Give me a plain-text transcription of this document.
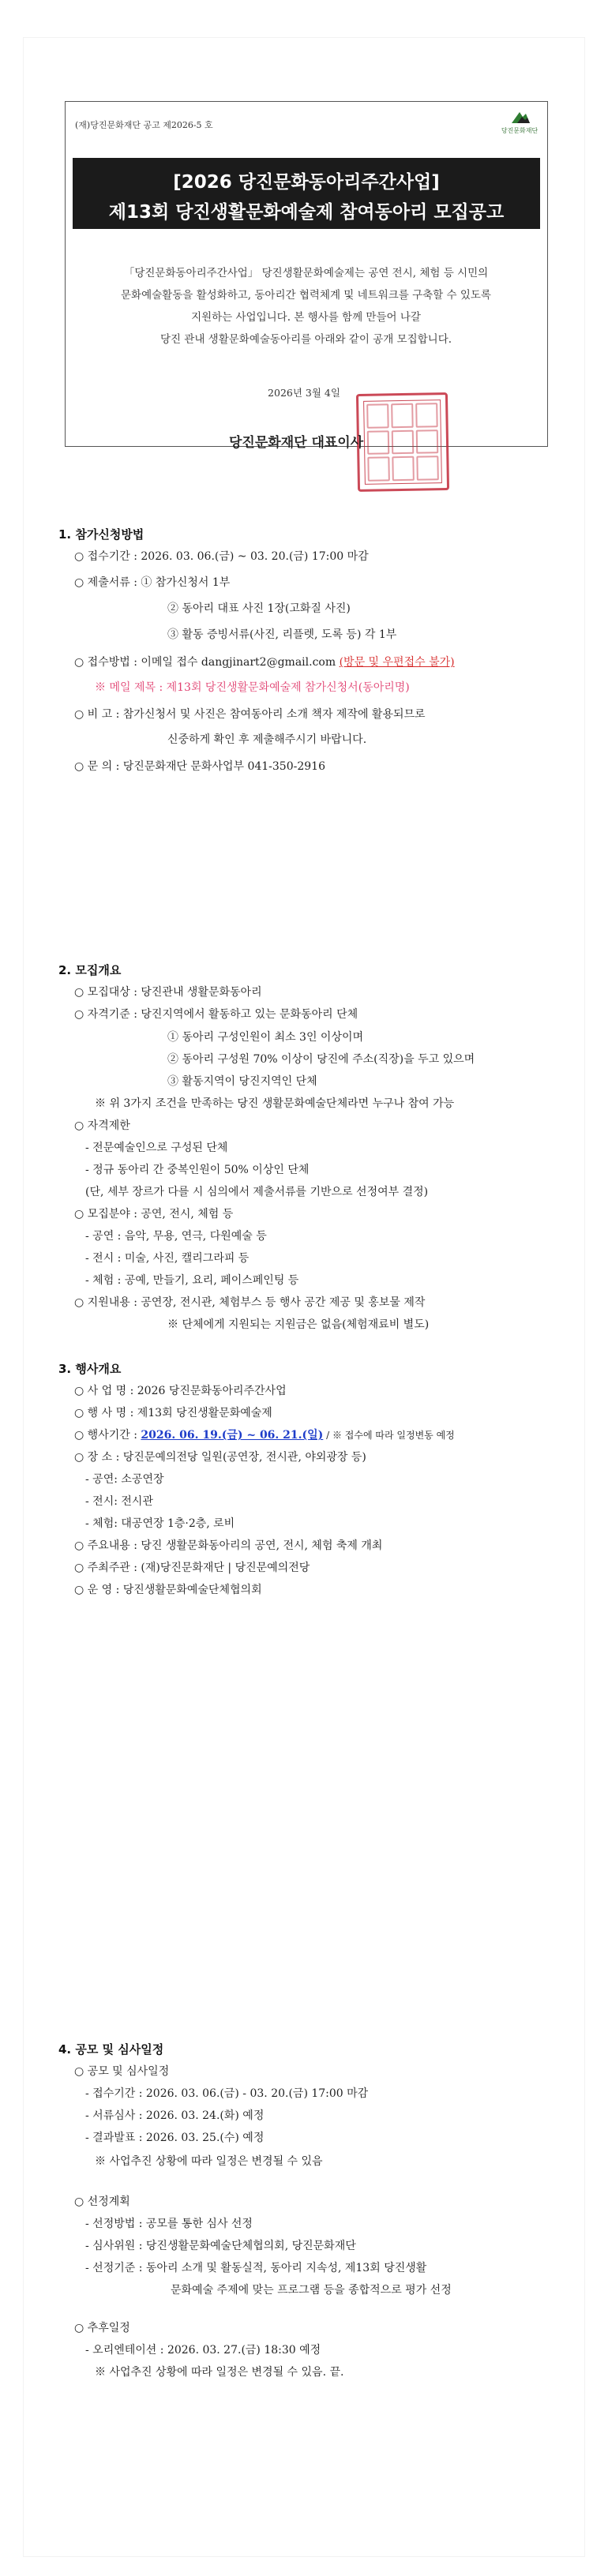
(재)당진문화재단 공고 제2026-5 호
당진문화재단
[2026 당진문화동아리주간사업]
제13회 당진생활문화예술제 참여동아리 모집공고
「당진문화동아리주간사업」 당진생활문화예술제는 공연 전시, 체험 등 시민의
문화예술활동을 활성화하고, 동아리간 협력체계 및 네트워크를 구축할 수 있도록
지원하는 사업입니다. 본 행사를 함께 만들어 나갈
당진 관내 생활문화예술동아리를 아래와 같이 공개 모집합니다.
2026년 3월 4일
당진문화재단 대표이사
1. 참가신청방법
○ 접수기간 : 2026. 03. 06.(금) ~ 03. 20.(금) 17:00 마감
○ 제출서류 : ① 참가신청서 1부
② 동아리 대표 사진 1장(고화질 사진)
③ 활동 증빙서류(사진, 리플렛, 도록 등) 각 1부
○ 접수방법 : 이메일 접수 dangjinart2@gmail.com (방문 및 우편접수 불가)
※ 메일 제목 : 제13회 당진생활문화예술제 참가신청서(동아리명)
○ 비 고 : 참가신청서 및 사진은 참여동아리 소개 책자 제작에 활용되므로
신중하게 확인 후 제출해주시기 바랍니다.
○ 문 의 : 당진문화재단 문화사업부 041-350-2916
2. 모집개요
○ 모집대상 : 당진관내 생활문화동아리
○ 자격기준 : 당진지역에서 활동하고 있는 문화동아리 단체
① 동아리 구성인원이 최소 3인 이상이며
② 동아리 구성원 70% 이상이 당진에 주소(직장)을 두고 있으며
③ 활동지역이 당진지역인 단체
※ 위 3가지 조건을 만족하는 당진 생활문화예술단체라면 누구나 참여 가능
○ 자격제한
- 전문예술인으로 구성된 단체
- 정규 동아리 간 중복인원이 50% 이상인 단체
(단, 세부 장르가 다를 시 심의에서 제출서류를 기반으로 선정여부 결정)
○ 모집분야 : 공연, 전시, 체험 등
- 공연 : 음악, 무용, 연극, 다원예술 등
- 전시 : 미술, 사진, 캘리그라피 등
- 체험 : 공예, 만들기, 요리, 페이스페인팅 등
○ 지원내용 : 공연장, 전시관, 체험부스 등 행사 공간 제공 및 홍보물 제작
※ 단체에게 지원되는 지원금은 없음(체험재료비 별도)
3. 행사개요
○ 사 업 명 : 2026 당진문화동아리주간사업
○ 행 사 명 : 제13회 당진생활문화예술제
○ 행사기간 : 2026. 06. 19.(금) ~ 06. 21.(일) / ※ 접수에 따라 일정변동 예정
○ 장 소 : 당진문예의전당 일원(공연장, 전시관, 야외광장 등)
- 공연: 소공연장
- 전시: 전시관
- 체험: 대공연장 1층·2층, 로비
○ 주요내용 : 당진 생활문화동아리의 공연, 전시, 체험 축제 개최
○ 주최주관 : (재)당진문화재단 | 당진문예의전당
○ 운 영 : 당진생활문화예술단체협의회
4. 공모 및 심사일정
○ 공모 및 심사일정
- 접수기간 : 2026. 03. 06.(금) - 03. 20.(금) 17:00 마감
- 서류심사 : 2026. 03. 24.(화) 예정
- 결과발표 : 2026. 03. 25.(수) 예정
※ 사업추진 상황에 따라 일정은 변경될 수 있음
○ 선정계획
- 선정방법 : 공모를 통한 심사 선정
- 심사위원 : 당진생활문화예술단체협의회, 당진문화재단
- 선정기준 : 동아리 소개 및 활동실적, 동아리 지속성, 제13회 당진생활
문화예술 주제에 맞는 프로그램 등을 종합적으로 평가 선정
○ 추후일정
- 오리엔테이션 : 2026. 03. 27.(금) 18:30 예정
※ 사업추진 상황에 따라 일정은 변경될 수 있음. 끝.
